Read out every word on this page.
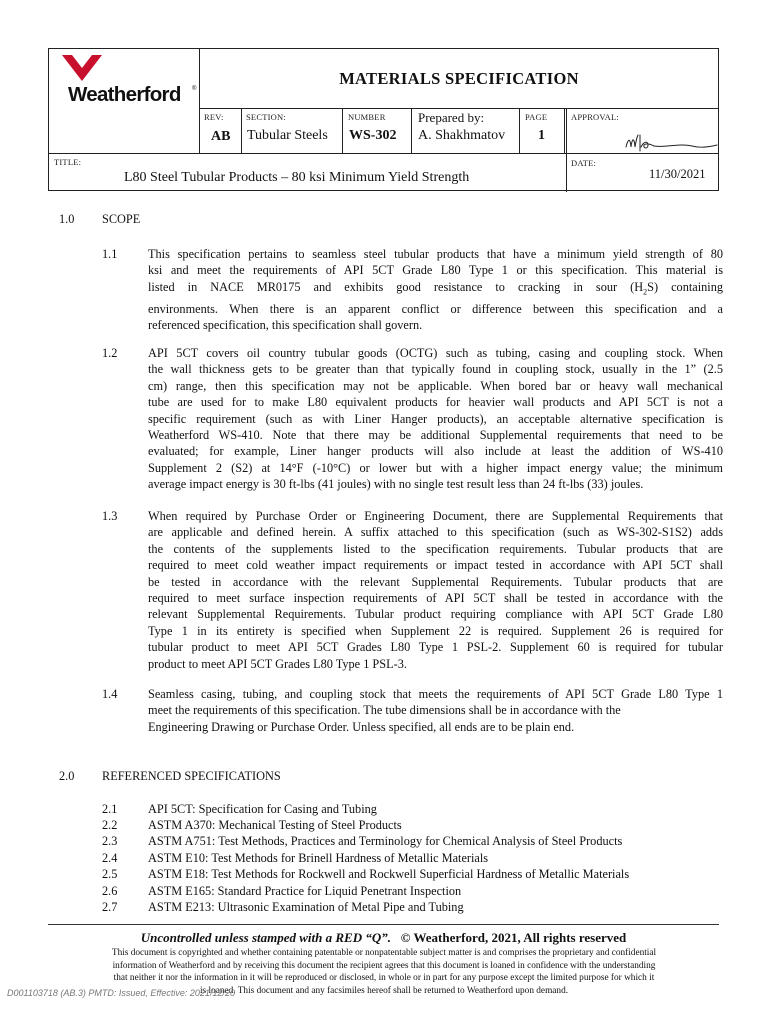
Weatherford ®
MATERIALS SPECIFICATION
REV:
AB
SECTION:
Tubular Steels
NUMBER
WS-302
Prepared by:
A. Shakhmatov
PAGE
1
APPROVAL:
TITLE:
L80 Steel Tubular Products – 80 ksi Minimum Yield Strength
DATE:
11/30/2021
1.0 SCOPE
1.1 This specification pertains to seamless steel tubular products that have a minimum yield strength of 80
ksi and meet the requirements of API 5CT Grade L80 Type 1 or this specification. This material is
listed in NACE MR0175 and exhibits good resistance to cracking in sour $(H_2S)$ containing
environments. When there is an apparent conflict or difference between this specification and a
referenced specification, this specification shall govern.
1.2 API 5CT covers oil country tubular goods (OCTG) such as tubing, casing and coupling stock. When
the wall thickness gets to be greater than that typically found in coupling stock, usually in the 1” (2.5
cm) range, then this specification may not be applicable. When bored bar or heavy wall mechanical
tube are used for to make L80 equivalent products for heavier wall products and API 5CT is not a
specific requirement (such as with Liner Hanger products), an acceptable alternative specification is
Weatherford WS-410. Note that there may be additional Supplemental requirements that need to be
evaluated; for example, Liner hanger products will also include at least the addition of WS-410
Supplement 2 (S2) at 14°F (-10°C) or lower but with a higher impact energy value; the minimum
average impact energy is 30 ft-lbs (41 joules) with no single test result less than 24 ft-lbs (33) joules.
1.3 When required by Purchase Order or Engineering Document, there are Supplemental Requirements that
are applicable and defined herein. A suffix attached to this specification (such as WS-302-S1S2) adds
the contents of the supplements listed to the specification requirements. Tubular products that are
required to meet cold weather impact requirements or impact tested in accordance with API 5CT shall
be tested in accordance with the relevant Supplemental Requirements. Tubular products that are
required to meet surface inspection requirements of API 5CT shall be tested in accordance with the
relevant Supplemental Requirements. Tubular product requiring compliance with API 5CT Grade L80
Type 1 in its entirety is specified when Supplement 22 is required. Supplement 26 is required for
tubular product to meet API 5CT Grades L80 Type 1 PSL-2. Supplement 60 is required for tubular
product to meet API 5CT Grades L80 Type 1 PSL-3.
1.4 Seamless casing, tubing, and coupling stock that meets the requirements of API 5CT Grade L80 Type 1
meet the requirements of this specification. The tube dimensions shall be in accordance with the
Engineering Drawing or Purchase Order. Unless specified, all ends are to be plain end.
2.0 REFERENCED SPECIFICATIONS
2.1 API 5CT: Specification for Casing and Tubing
2.2 ASTM A370: Mechanical Testing of Steel Products
2.3 ASTM A751: Test Methods, Practices and Terminology for Chemical Analysis of Steel Products
2.4 ASTM E10: Test Methods for Brinell Hardness of Metallic Materials
2.5 ASTM E18: Test Methods for Rockwell and Rockwell Superficial Hardness of Metallic Materials
2.6 ASTM E165: Standard Practice for Liquid Penetrant Inspection
2.7 ASTM E213: Ultrasonic Examination of Metal Pipe and Tubing
Uncontrolled unless stamped with a RED “Q”. © Weatherford, 2021, All rights reserved
This document is copyrighted and whether containing patentable or nonpatentable subject matter is and comprises the proprietary and confidential
information of Weatherford and by receiving this document the recipient agrees that this document is loaned in confidence with the understanding
that neither it nor the information in it will be reproduced or disclosed, in whole or in part for any purpose except the limited purpose for which it
is loaned. This document and any facsimiles hereof shall be returned to Weatherford upon demand.
D001103718 (AB.3) PMTD: Issued, Effective: 2021/12/20
